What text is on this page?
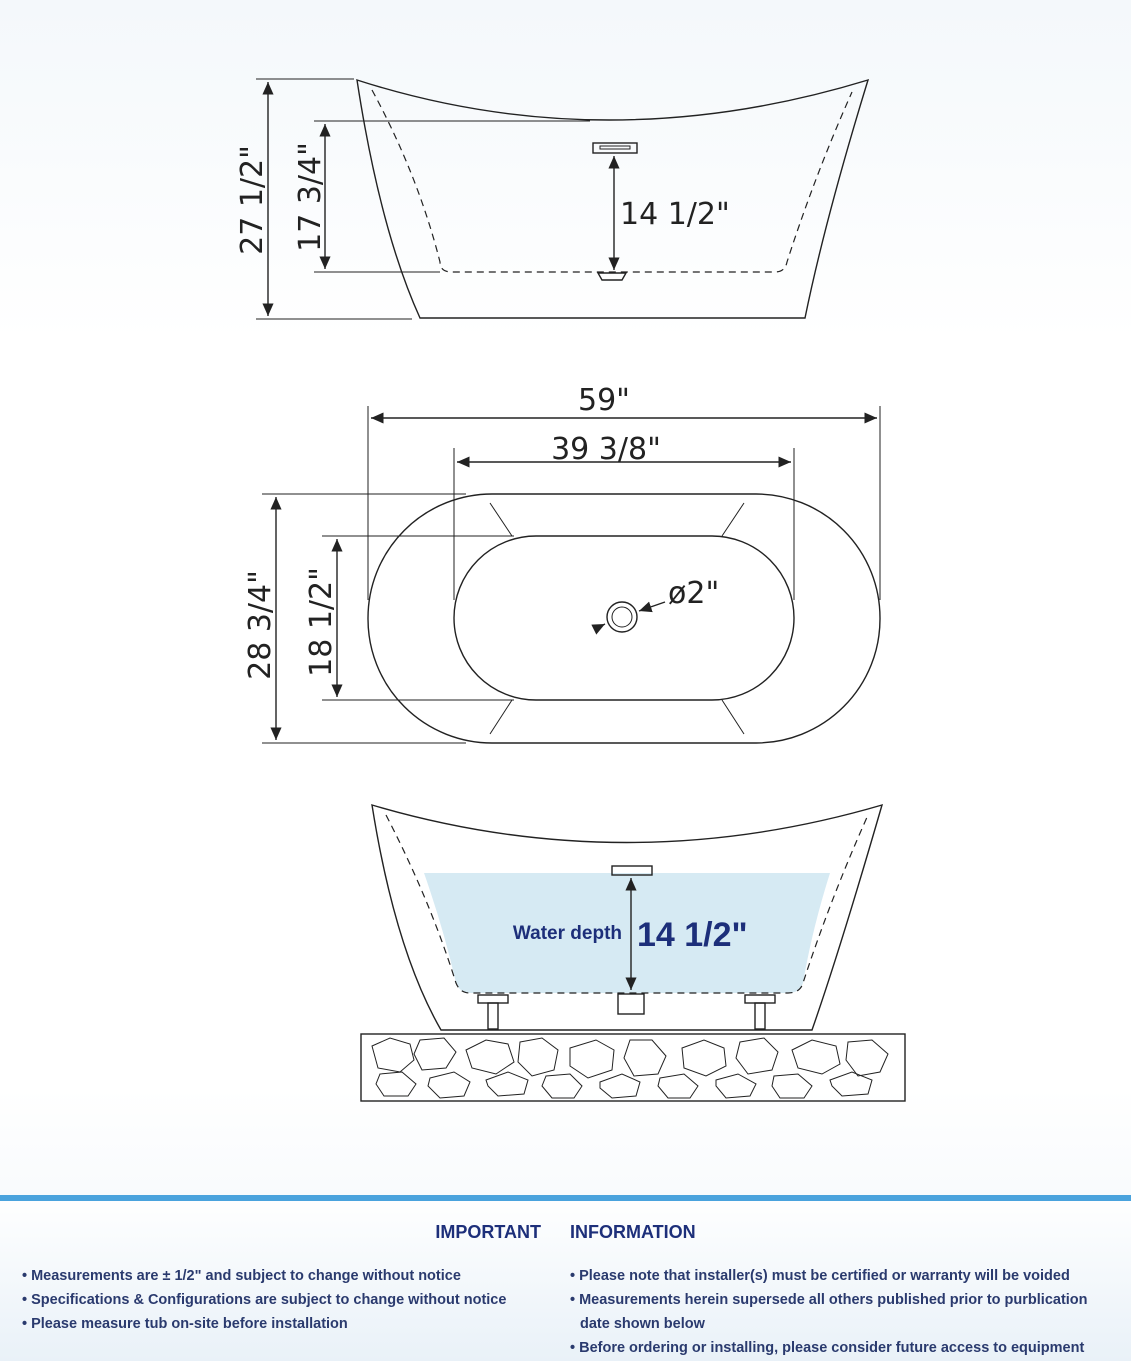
27 1/2" 17 3/4"	14 1/2"
ø2"
59"
39 3/8"
28 3/4" 18 1/2"
Water depth 14 1/2"
IMPORTANT INFORMATION
• Measurements are ± 1/2" and subject to change without notice
• Specifications & Configurations are subject to change without notice
• Please measure tub on-site before installation
• Please note that installer(s) must be certified or warranty will be voided
• Measurements herein supersede all others published prior to purblication
date shown below
• Before ordering or installing, please consider future access to equipment
